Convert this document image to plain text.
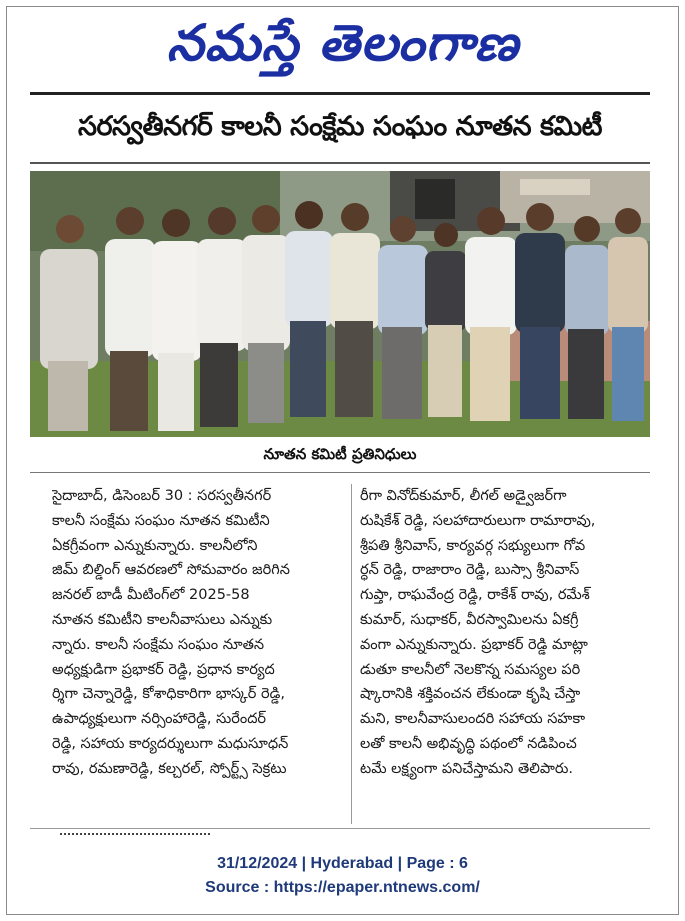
నమస్తే తెలంగాణ
సరస్వతీనగర్ కాలనీ సంక్షేమ సంఘం నూతన కమిటీ
నూతన కమిటీ ప్రతినిధులు
సైదాబాద్, డిసెంబర్ 30 : సరస్వతీనగర్
కాలనీ సంక్షేమ సంఘం నూతన కమిటీని
ఏకగ్రీవంగా ఎన్నుకున్నారు. కాలనీలోని
జిమ్ బిల్డింగ్ ఆవరణలో సోమవారం జరిగిన
జనరల్ బాడీ మీటింగ్‌లో 2025-58
నూతన కమిటీని కాలనీవాసులు ఎన్నుకు
న్నారు. కాలనీ సంక్షేమ సంఘం నూతన
అధ్యక్షుడిగా ప్రభాకర్ రెడ్డి, ప్రధాన కార్యద
ర్శిగా చెన్నారెడ్డి, కోశాధికారిగా భాస్కర్ రెడ్డి,
ఉపాధ్యక్షులుగా నర్సింహారెడ్డి, సురేందర్
రెడ్డి, సహాయ కార్యదర్శులుగా మధుసూధన్
రావు, రమణారెడ్డి, కల్చరల్, స్పోర్ట్స్ సెక్రటు
రీగా వినోద్‌కుమార్, లీగల్ అడ్వైజర్‌గా
రుషికేశ్ రెడ్డి, సలహాదారులుగా రామారావు,
శ్రీపతి శ్రీనివాస్, కార్యవర్గ సభ్యులుగా గోవ
ర్ధన్ రెడ్డి, రాజారాం రెడ్డి, బుస్సా శ్రీనివాస్
గుప్తా, రాఘవేంద్ర రెడ్డి, రాకేశ్ రావు, రమేశ్
కుమార్, సుధాకర్, వీరస్వామిలను ఏకగ్రీ
వంగా ఎన్నుకున్నారు. ప్రభాకర్ రెడ్డి మాట్లా
డుతూ కాలనీలో నెలకొన్న సమస్యల పరి
ష్కారానికి శక్తివంచన లేకుండా కృషి చేస్తా
మని, కాలనీవాసులందరి సహాయ సహకా
లతో కాలనీ అభివృద్ధి పథంలో నడిపించ
టమే లక్ష్యంగా పనిచేస్తామని తెలిపారు.
31/12/2024 | Hyderabad | Page : 6
Source : https://epaper.ntnews.com/
